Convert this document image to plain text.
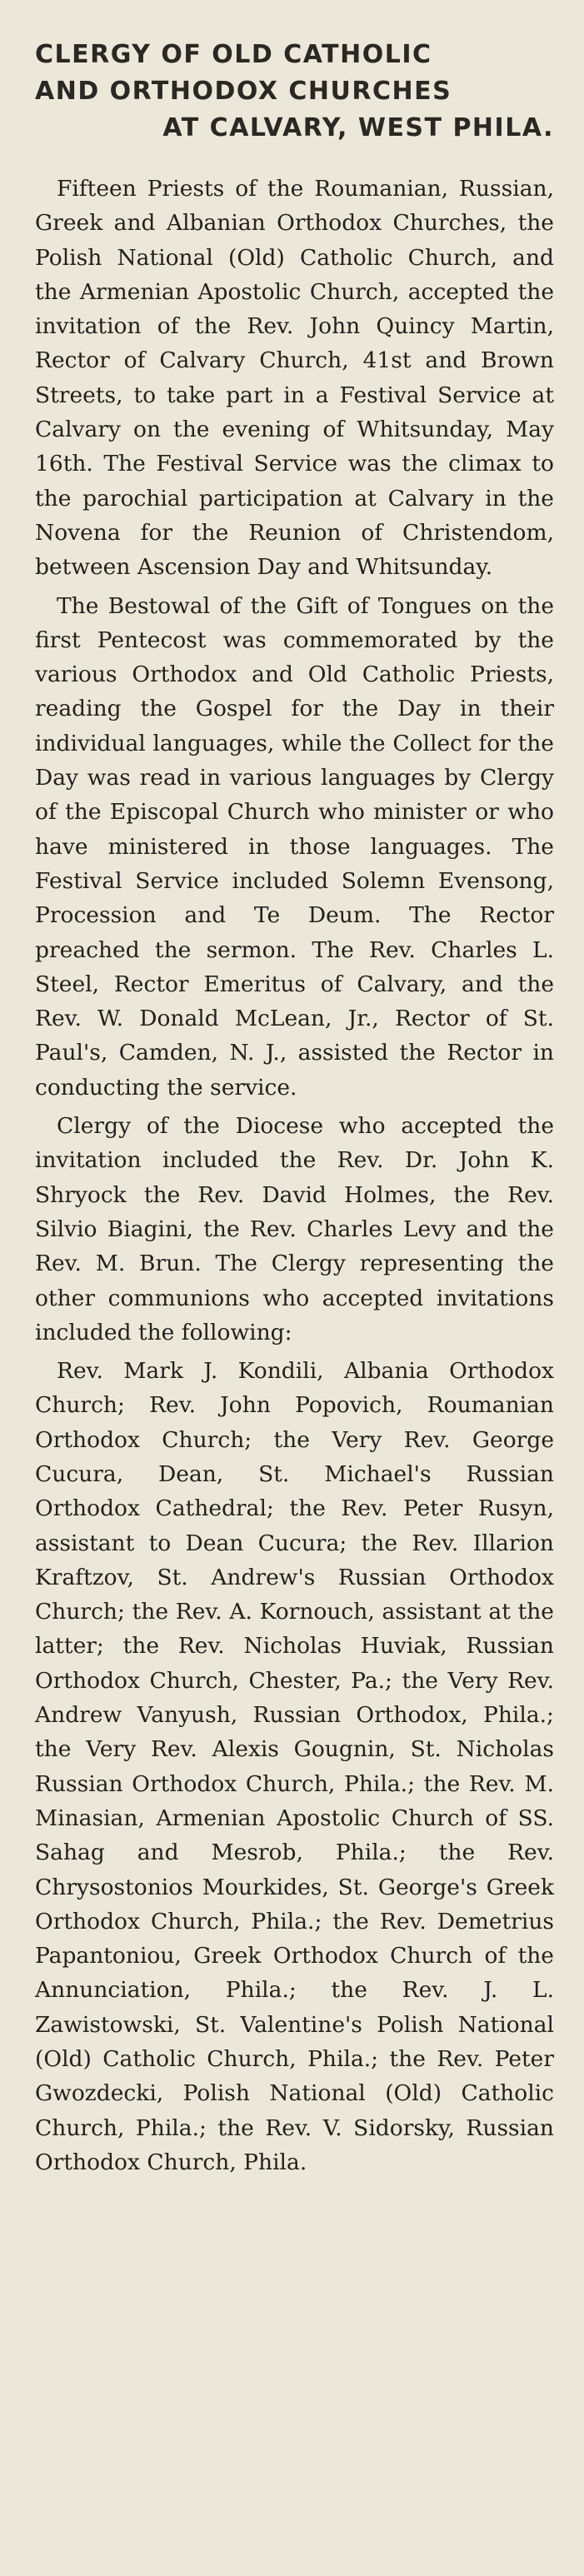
CLERGY OF OLD CATHOLIC
AND ORTHODOX CHURCHES
AT CALVARY, WEST PHILA.

Fifteen Priests of the Roumanian, Russian, Greek and Albanian Orthodox Churches, the Polish National (Old) Catholic Church, and the Armenian Apostolic Church, accepted the invitation of the Rev. John Quincy Martin, Rector of Calvary Church, 41st and Brown Streets, to take part in a Festival Service at Calvary on the evening of Whitsunday, May 16th. The Festival Service was the climax to the parochial participation at Calvary in the Novena for the Reunion of Christendom, between Ascension Day and Whitsunday.

The Bestowal of the Gift of Tongues on the first Pentecost was commemorated by the various Orthodox and Old Catholic Priests, reading the Gospel for the Day in their individual languages, while the Collect for the Day was read in various languages by Clergy of the Episcopal Church who minister or who have ministered in those languages. The Festival Service included Solemn Evensong, Procession and Te Deum. The Rector preached the sermon. The Rev. Charles L. Steel, Rector Emeritus of Calvary, and the Rev. W. Donald McLean, Jr., Rector of St. Paul's, Camden, N. J., assisted the Rector in conducting the service.

Clergy of the Diocese who accepted the invitation included the Rev. Dr. John K. Shryock the Rev. David Holmes, the Rev. Silvio Biagini, the Rev. Charles Levy and the Rev. M. Brun. The Clergy representing the other communions who accepted invitations included the following:

Rev. Mark J. Kondili, Albania Orthodox Church; Rev. John Popovich, Roumanian Orthodox Church; the Very Rev. George Cucura, Dean, St. Michael's Russian Orthodox Cathedral; the Rev. Peter Rusyn, assistant to Dean Cucura; the Rev. Illarion Kraftzov, St. Andrew's Russian Orthodox Church; the Rev. A. Kornouch, assistant at the latter; the Rev. Nicholas Huviak, Russian Orthodox Church, Chester, Pa.; the Very Rev. Andrew Vanyush, Russian Orthodox, Phila.; the Very Rev. Alexis Gougnin, St. Nicholas Russian Orthodox Church, Phila.; the Rev. M. Minasian, Armenian Apostolic Church of SS. Sahag and Mesrob, Phila.; the Rev. Chrysostonios Mourkides, St. George's Greek Orthodox Church, Phila.; the Rev. Demetrius Papantoniou, Greek Orthodox Church of the Annunciation, Phila.; the Rev. J. L. Zawistowski, St. Valentine's Polish National (Old) Catholic Church, Phila.; the Rev. Peter Gwozdecki, Polish National (Old) Catholic Church, Phila.; the Rev. V. Sidorsky, Russian Orthodox Church, Phila.
